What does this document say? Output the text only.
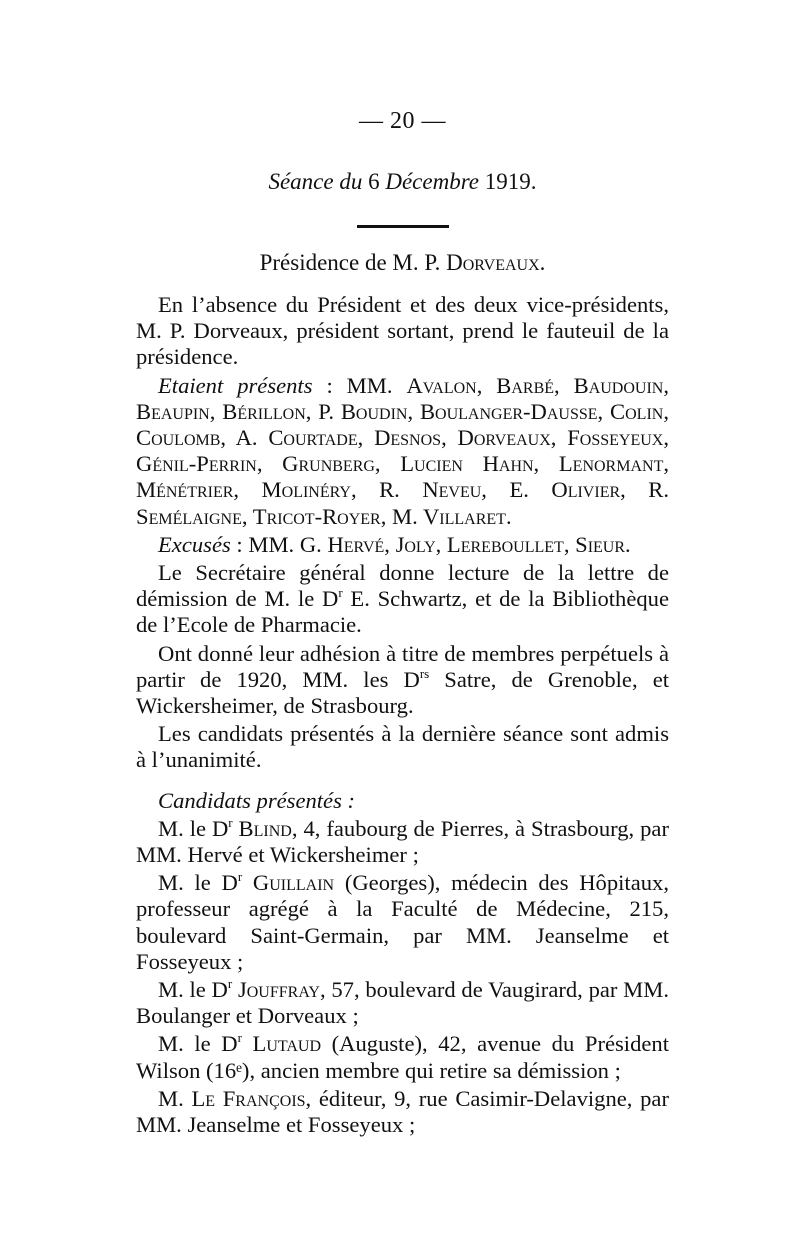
— 20 —
Séance du 6 Décembre 1919.
Présidence de M. P. Dorveaux.

En l’absence du Président et des deux vice-présidents, M. P. Dorveaux, président sortant, prend le fauteuil de la présidence.

Etaient présents : MM. Avalon, Barbé, Baudouin, Beaupin, Bérillon, P. Boudin, Boulanger-Dausse, Colin, Coulomb, A. Courtade, Desnos, Dorveaux, Fosseyeux, Génil-Perrin, Grunberg, Lucien Hahn, Lenormant, Ménétrier, Molinéry, R. Neveu, E. Olivier, R. Semélaigne, Tricot-Royer, M. Villaret.

Excusés : MM. G. Hervé, Joly, Lereboullet, Sieur.

Le Secrétaire général donne lecture de la lettre de démission de M. le $D^r$ E. Schwartz, et de la Bibliothèque de l’Ecole de Pharmacie.

Ont donné leur adhésion à titre de membres perpétuels à partir de 1920, MM. les $D^{rs}$ Satre, de Grenoble, et Wickersheimer, de Strasbourg.

Les candidats présentés à la dernière séance sont admis à l’unanimité.

Candidats présentés :

M. le $D^r$ Blind, 4, faubourg de Pierres, à Strasbourg, par MM. Hervé et Wickersheimer ;

M. le $D^r$ Guillain (Georges), médecin des Hôpitaux, professeur agrégé à la Faculté de Médecine, 215, boulevard Saint-Germain, par MM. Jeanselme et Fosseyeux ;

M. le $D^r$ Jouffray, 57, boulevard de Vaugirard, par MM. Boulanger et Dorveaux ;

M. le $D^r$ Lutaud (Auguste), 42, avenue du Président Wilson (16ᵉ), ancien membre qui retire sa démission ;

M. Le François, éditeur, 9, rue Casimir-Delavigne, par MM. Jeanselme et Fosseyeux ;
